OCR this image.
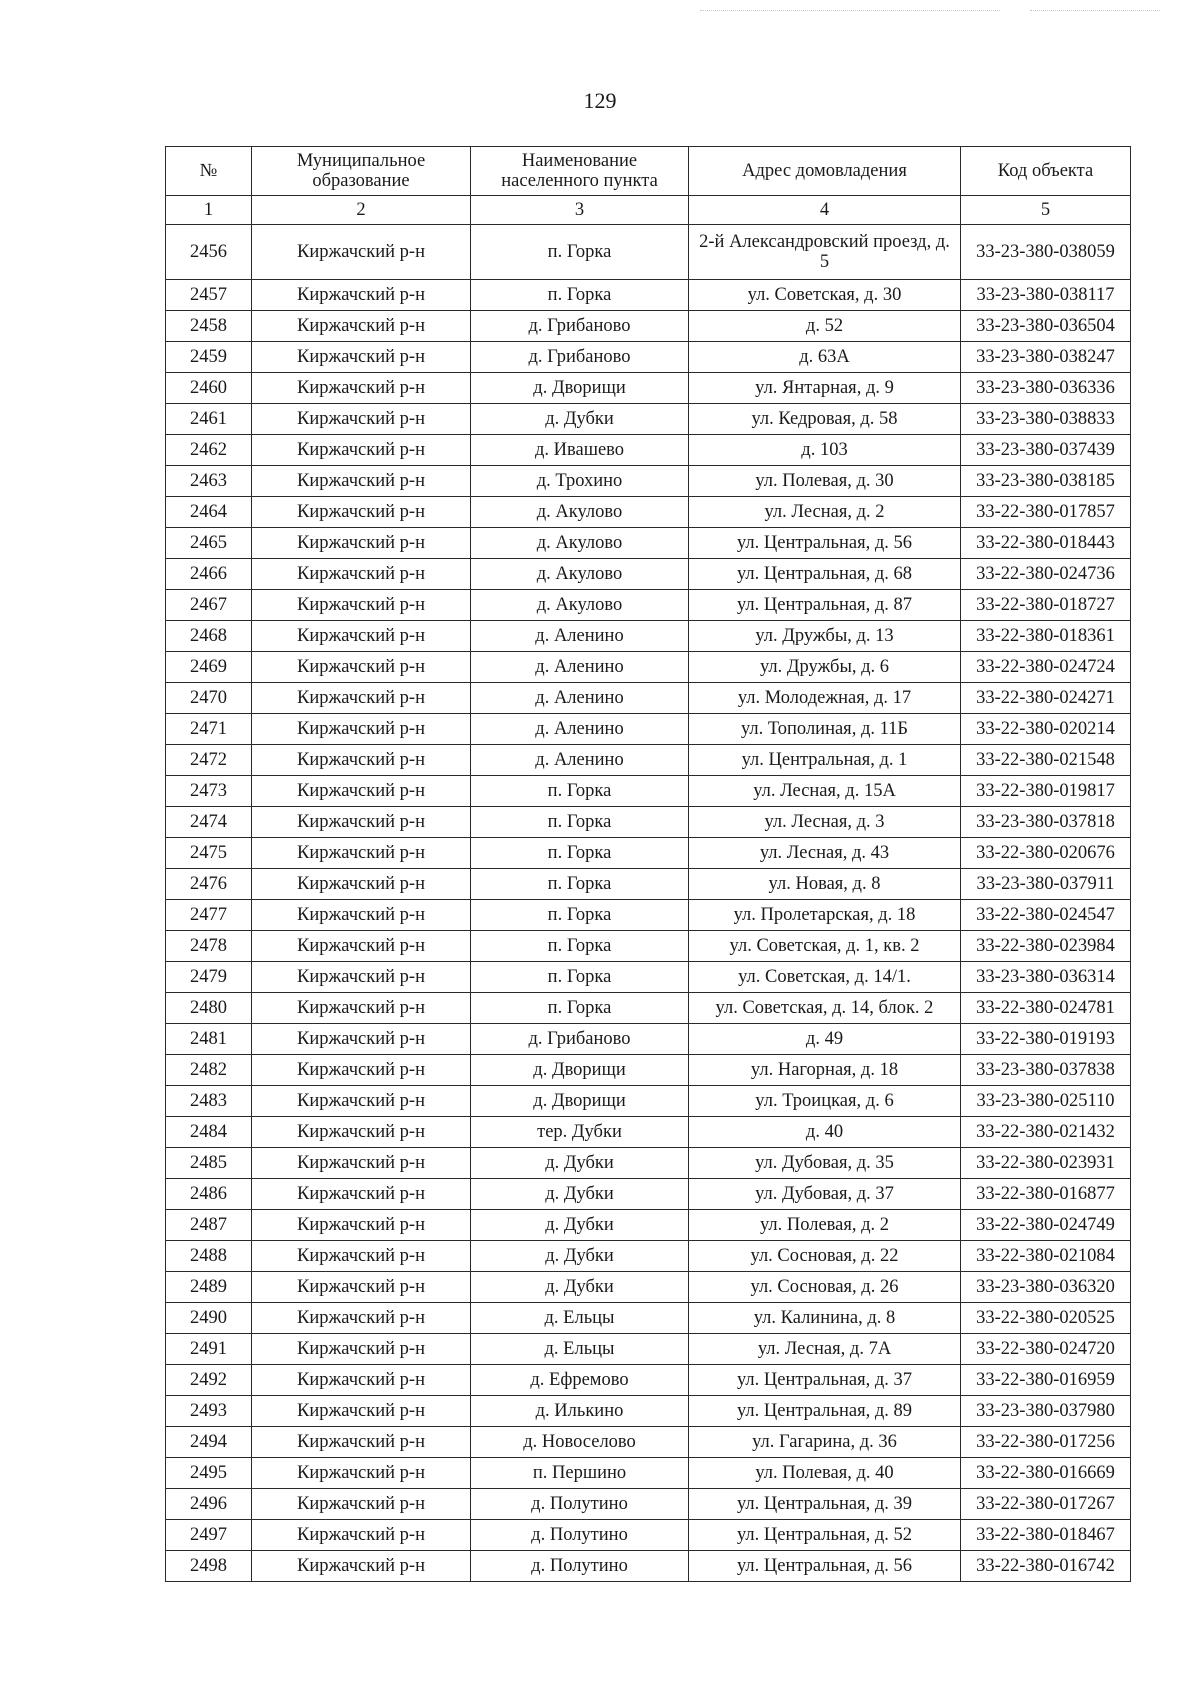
129
№	Муниципальное образование	Наименование населенного пункта	Адрес домовладения	Код объекта
1	2	3	4	5
2456	Киржачский р-н	п. Горка	2-й Александровский проезд, д. 5	33-23-380-038059
2457	Киржачский р-н	п. Горка	ул. Советская, д. 30	33-23-380-038117
2458	Киржачский р-н	д. Грибаново	д. 52	33-23-380-036504
2459	Киржачский р-н	д. Грибаново	д. 63А	33-23-380-038247
2460	Киржачский р-н	д. Дворищи	ул. Янтарная, д. 9	33-23-380-036336
2461	Киржачский р-н	д. Дубки	ул. Кедровая, д. 58	33-23-380-038833
2462	Киржачский р-н	д. Ивашево	д. 103	33-23-380-037439
2463	Киржачский р-н	д. Трохино	ул. Полевая, д. 30	33-23-380-038185
2464	Киржачский р-н	д. Акулово	ул. Лесная, д. 2	33-22-380-017857
2465	Киржачский р-н	д. Акулово	ул. Центральная, д. 56	33-22-380-018443
2466	Киржачский р-н	д. Акулово	ул. Центральная, д. 68	33-22-380-024736
2467	Киржачский р-н	д. Акулово	ул. Центральная, д. 87	33-22-380-018727
2468	Киржачский р-н	д. Аленино	ул. Дружбы, д. 13	33-22-380-018361
2469	Киржачский р-н	д. Аленино	ул. Дружбы, д. 6	33-22-380-024724
2470	Киржачский р-н	д. Аленино	ул. Молодежная, д. 17	33-22-380-024271
2471	Киржачский р-н	д. Аленино	ул. Тополиная, д. 11Б	33-22-380-020214
2472	Киржачский р-н	д. Аленино	ул. Центральная, д. 1	33-22-380-021548
2473	Киржачский р-н	п. Горка	ул. Лесная, д. 15А	33-22-380-019817
2474	Киржачский р-н	п. Горка	ул. Лесная, д. 3	33-23-380-037818
2475	Киржачский р-н	п. Горка	ул. Лесная, д. 43	33-22-380-020676
2476	Киржачский р-н	п. Горка	ул. Новая, д. 8	33-23-380-037911
2477	Киржачский р-н	п. Горка	ул. Пролетарская, д. 18	33-22-380-024547
2478	Киржачский р-н	п. Горка	ул. Советская, д. 1, кв. 2	33-22-380-023984
2479	Киржачский р-н	п. Горка	ул. Советская, д. 14/1.	33-23-380-036314
2480	Киржачский р-н	п. Горка	ул. Советская, д. 14, блок. 2	33-22-380-024781
2481	Киржачский р-н	д. Грибаново	д. 49	33-22-380-019193
2482	Киржачский р-н	д. Дворищи	ул. Нагорная, д. 18	33-23-380-037838
2483	Киржачский р-н	д. Дворищи	ул. Троицкая, д. 6	33-23-380-025110
2484	Киржачский р-н	тер. Дубки	д. 40	33-22-380-021432
2485	Киржачский р-н	д. Дубки	ул. Дубовая, д. 35	33-22-380-023931
2486	Киржачский р-н	д. Дубки	ул. Дубовая, д. 37	33-22-380-016877
2487	Киржачский р-н	д. Дубки	ул. Полевая, д. 2	33-22-380-024749
2488	Киржачский р-н	д. Дубки	ул. Сосновая, д. 22	33-22-380-021084
2489	Киржачский р-н	д. Дубки	ул. Сосновая, д. 26	33-23-380-036320
2490	Киржачский р-н	д. Ельцы	ул. Калинина, д. 8	33-22-380-020525
2491	Киржачский р-н	д. Ельцы	ул. Лесная, д. 7А	33-22-380-024720
2492	Киржачский р-н	д. Ефремово	ул. Центральная, д. 37	33-22-380-016959
2493	Киржачский р-н	д. Илькино	ул. Центральная, д. 89	33-23-380-037980
2494	Киржачский р-н	д. Новоселово	ул. Гагарина, д. 36	33-22-380-017256
2495	Киржачский р-н	п. Першино	ул. Полевая, д. 40	33-22-380-016669
2496	Киржачский р-н	д. Полутино	ул. Центральная, д. 39	33-22-380-017267
2497	Киржачский р-н	д. Полутино	ул. Центральная, д. 52	33-22-380-018467
2498	Киржачский р-н	д. Полутино	ул. Центральная, д. 56	33-22-380-016742
